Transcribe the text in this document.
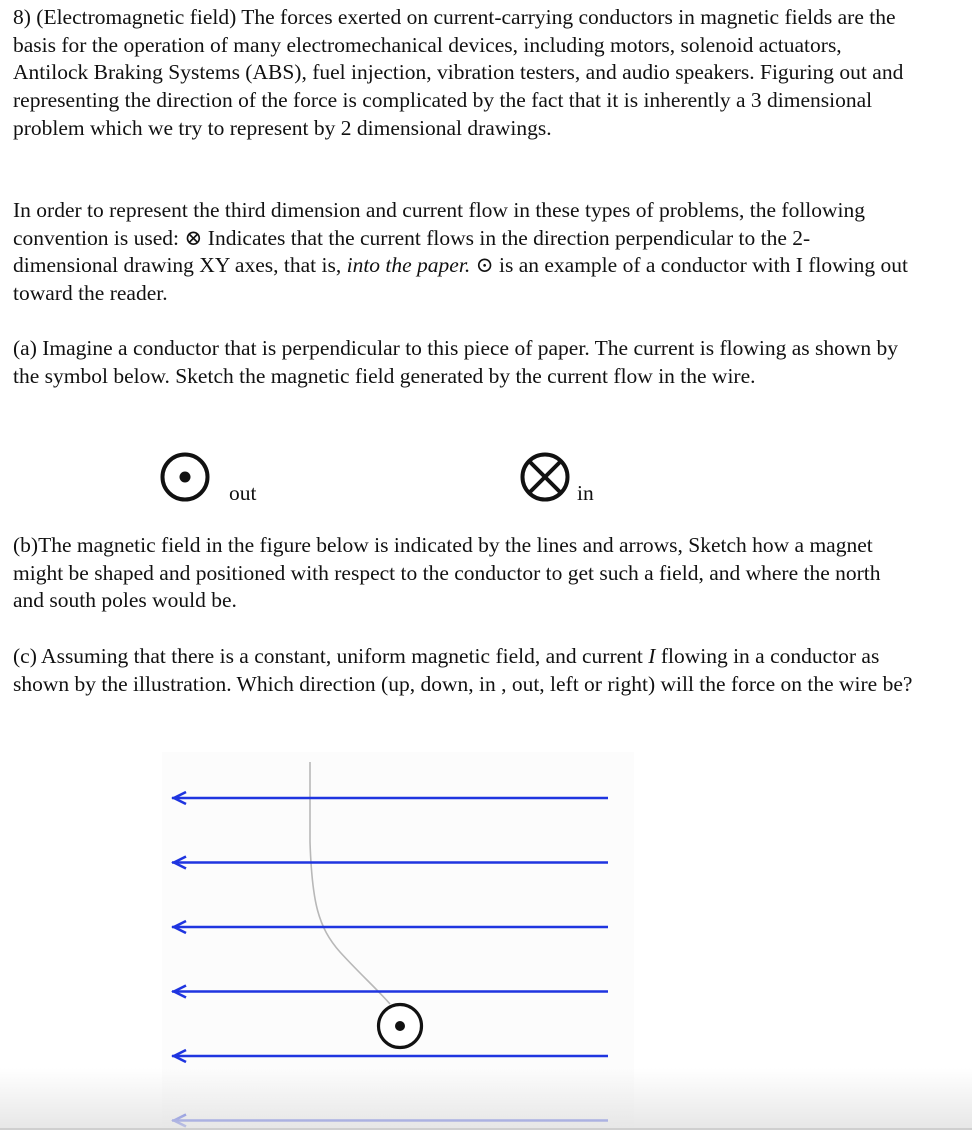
8) (Electromagnetic field) The forces exerted on current-carrying conductors in magnetic fields are the basis for the operation of many electromechanical devices, including motors, solenoid actuators, Antilock Braking Systems (ABS), fuel injection, vibration testers, and audio speakers. Figuring out and representing the direction of the force is complicated by the fact that it is inherently a 3 dimensional problem which we try to represent by 2 dimensional drawings.

In order to represent the third dimension and current flow in these types of problems, the following convention is used: ⊗ Indicates that the current flows in the direction perpendicular to the 2-dimensional drawing XY axes, that is, into the paper. ⊙ is an example of a conductor with I flowing out toward the reader.

(a) Imagine a conductor that is perpendicular to this piece of paper. The current is flowing as shown by the symbol below. Sketch the magnetic field generated by the current flow in the wire.

out	in

(b)The magnetic field in the figure below is indicated by the lines and arrows, Sketch how a magnet might be shaped and positioned with respect to the conductor to get such a field, and where the north and south poles would be.

(c) Assuming that there is a constant, uniform magnetic field, and current I flowing in a conductor as shown by the illustration. Which direction (up, down, in , out, left or right) will the force on the wire be?
